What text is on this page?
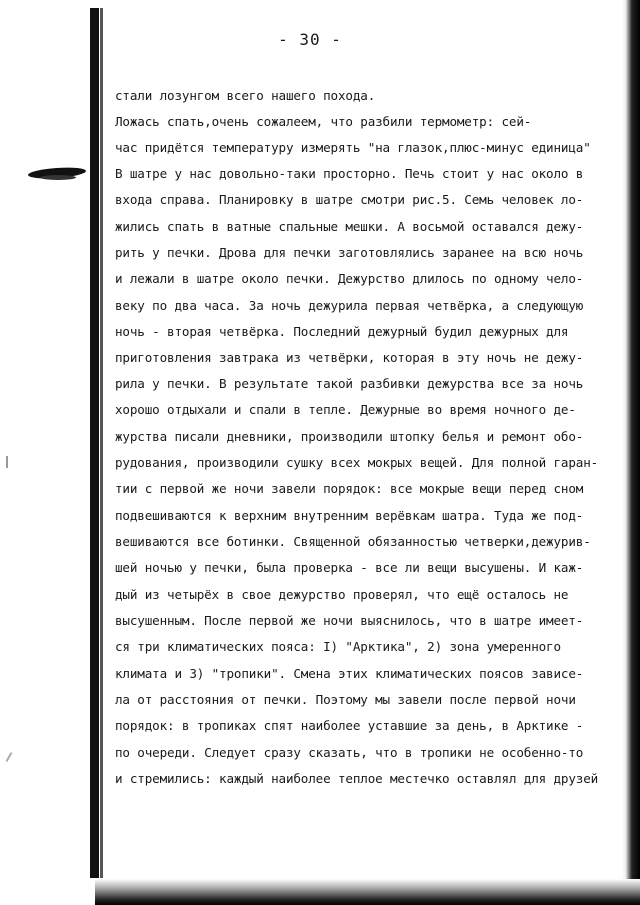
- 30 -

стали лозунгом всего нашего похода.

Ложась спать,очень сожалеем, что разбили термометр: сей-

час придётся температуру измерять "на глазок,плюс-минус единица"

В шатре у нас довольно-таки просторно. Печь стоит у нас около в

входа справа. Планировку в шатре смотри рис.5. Семь человек ло-

жились спать в ватные спальные мешки. А восьмой оставался дежу-

рить у печки. Дрова для печки заготовлялись заранее на всю ночь

и лежали в шатре около печки. Дежурство длилось по одному чело-

веку по два часа. За ночь дежурила первая четвёрка, а следующую

ночь - вторая четвёрка. Последний дежурный будил дежурных для

приготовления завтрака из четвёрки, которая в эту ночь не дежу-

рила у печки. В результате такой разбивки дежурства все за ночь

хорошо отдыхали и спали в тепле. Дежурные во время ночного де-

журства писали дневники, производили штопку белья и ремонт обо-

рудования, производили сушку всех мокрых вещей. Для полной гаран-

тии с первой же ночи завели порядок: все мокрые вещи перед сном

подвешиваются к верхним внутренним верёвкам шатра. Туда же под-

вешиваются все ботинки. Священной обязанностью четверки,дежурив-

шей ночью у печки, была проверка - все ли вещи высушены. И каж-

дый из четырёх в свое дежурство проверял, что ещё осталось не

высушенным. После первой же ночи выяснилось, что в шатре имеет-

ся три климатических пояса: I) "Арктика", 2) зона умеренного

климата и 3) "тропики". Смена этих климатических поясов зависе-

ла от расстояния от печки. Поэтому мы завели после первой ночи

порядок: в тропиках спят наиболее уставшие за день, в Арктике -

по очереди. Следует сразу сказать, что в тропики не особенно-то

и стремились: каждый наиболее теплое местечко оставлял для друзей
